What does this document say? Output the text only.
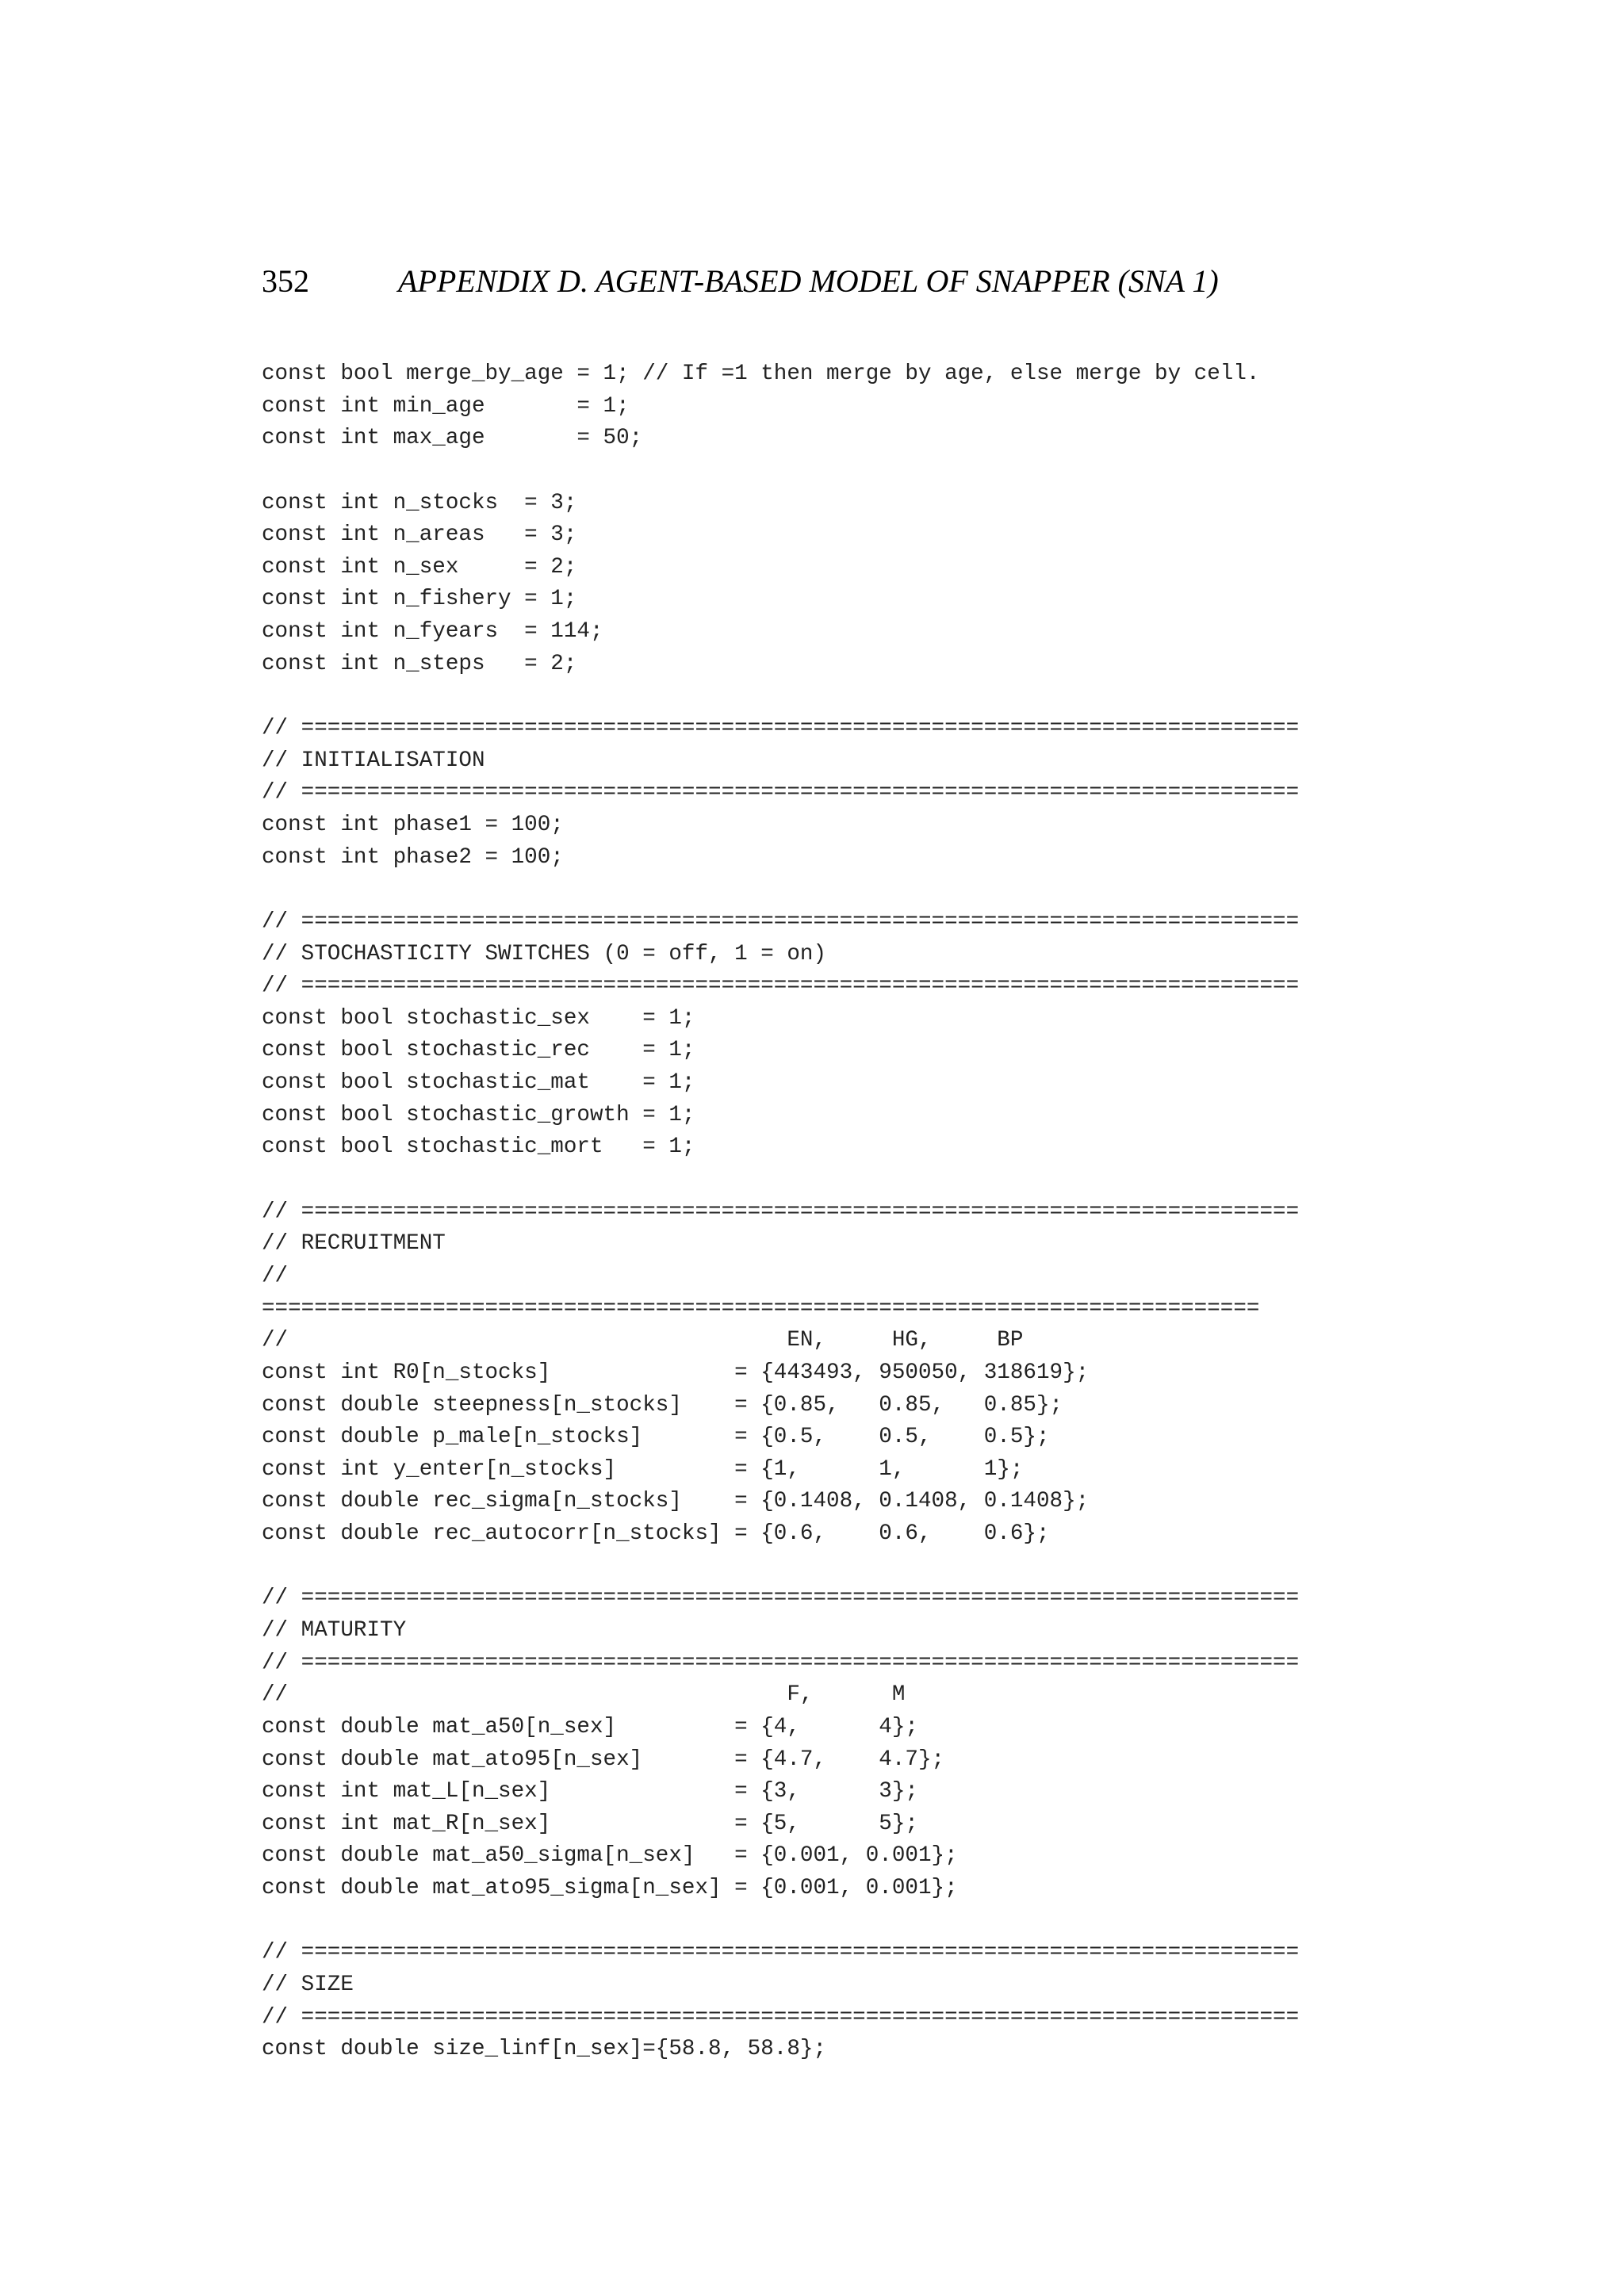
352	APPENDIX D. AGENT-BASED MODEL OF SNAPPER (SNA 1)
const bool merge_by_age = 1; // If =1 then merge by age, else merge by cell.
const int min_age       = 1;
const int max_age       = 50;
const int n_stocks  = 3;
const int n_areas   = 3;
const int n_sex     = 2;
const int n_fishery = 1;
const int n_fyears  = 114;
const int n_steps   = 2;
// ============================================================================
// INITIALISATION
// ============================================================================
const int phase1 = 100;
const int phase2 = 100;
// ============================================================================
// STOCHASTICITY SWITCHES (0 = off, 1 = on)
// ============================================================================
const bool stochastic_sex    = 1;
const bool stochastic_rec    = 1;
const bool stochastic_mat    = 1;
const bool stochastic_growth = 1;
const bool stochastic_mort   = 1;
// ============================================================================
// RECRUITMENT
//
============================================================================
//                                      EN,     HG,     BP
const int R0[n_stocks]              = {443493, 950050, 318619};
const double steepness[n_stocks]    = {0.85,   0.85,   0.85};
const double p_male[n_stocks]       = {0.5,    0.5,    0.5};
const int y_enter[n_stocks]         = {1,      1,      1};
const double rec_sigma[n_stocks]    = {0.1408, 0.1408, 0.1408};
const double rec_autocorr[n_stocks] = {0.6,    0.6,    0.6};
// ============================================================================
// MATURITY
// ============================================================================
//                                      F,      M
const double mat_a50[n_sex]         = {4,      4};
const double mat_ato95[n_sex]       = {4.7,    4.7};
const int mat_L[n_sex]              = {3,      3};
const int mat_R[n_sex]              = {5,      5};
const double mat_a50_sigma[n_sex]   = {0.001, 0.001};
const double mat_ato95_sigma[n_sex] = {0.001, 0.001};
// ============================================================================
// SIZE
// ============================================================================
const double size_linf[n_sex]={58.8, 58.8};
